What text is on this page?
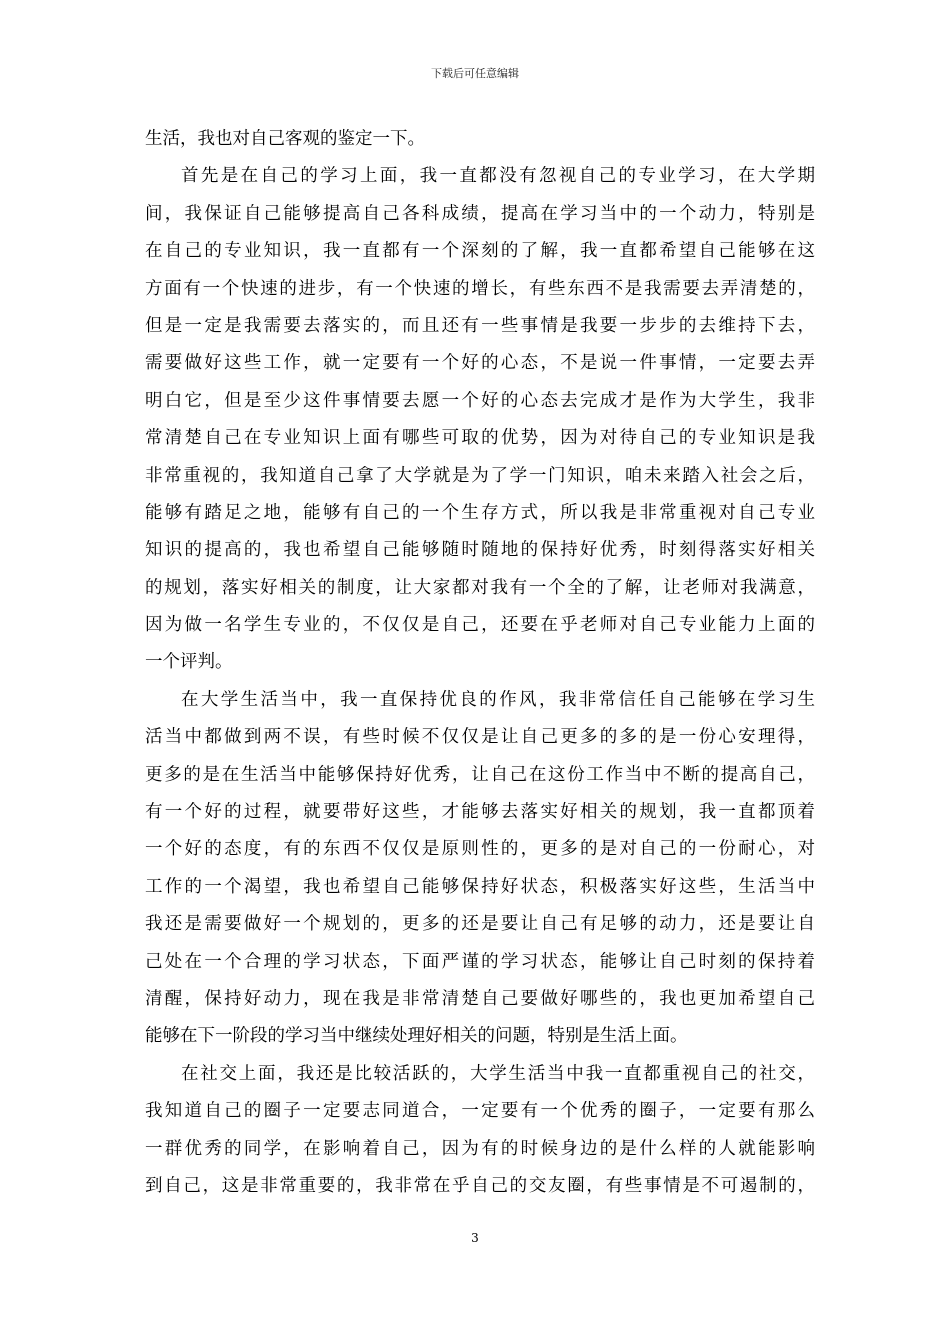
下载后可任意编辑
生活，我也对自己客观的鉴定一下。
首先是在自己的学习上面，我一直都没有忽视自己的专业学习，在大学期
间，我保证自己能够提高自己各科成绩，提高在学习当中的一个动力，特别是
在自己的专业知识，我一直都有一个深刻的了解，我一直都希望自己能够在这
方面有一个快速的进步，有一个快速的增长，有些东西不是我需要去弄清楚的，
但是一定是我需要去落实的，而且还有一些事情是我要一步步的去维持下去，
需要做好这些工作，就一定要有一个好的心态，不是说一件事情，一定要去弄
明白它，但是至少这件事情要去愿一个好的心态去完成才是作为大学生，我非
常清楚自己在专业知识上面有哪些可取的优势，因为对待自己的专业知识是我
非常重视的，我知道自己拿了大学就是为了学一门知识，咱未来踏入社会之后，
能够有踏足之地，能够有自己的一个生存方式，所以我是非常重视对自己专业
知识的提高的，我也希望自己能够随时随地的保持好优秀，时刻得落实好相关
的规划，落实好相关的制度，让大家都对我有一个全的了解，让老师对我满意，
因为做一名学生专业的，不仅仅是自己，还要在乎老师对自己专业能力上面的
一个评判。
在大学生活当中，我一直保持优良的作风，我非常信任自己能够在学习生
活当中都做到两不误，有些时候不仅仅是让自己更多的多的是一份心安理得，
更多的是在生活当中能够保持好优秀，让自己在这份工作当中不断的提高自己，
有一个好的过程，就要带好这些，才能够去落实好相关的规划，我一直都顶着
一个好的态度，有的东西不仅仅是原则性的，更多的是对自己的一份耐心，对
工作的一个渴望，我也希望自己能够保持好状态，积极落实好这些，生活当中
我还是需要做好一个规划的，更多的还是要让自己有足够的动力，还是要让自
己处在一个合理的学习状态，下面严谨的学习状态，能够让自己时刻的保持着
清醒，保持好动力，现在我是非常清楚自己要做好哪些的，我也更加希望自己
能够在下一阶段的学习当中继续处理好相关的问题，特别是生活上面。
在社交上面，我还是比较活跃的，大学生活当中我一直都重视自己的社交，
我知道自己的圈子一定要志同道合，一定要有一个优秀的圈子，一定要有那么
一群优秀的同学，在影响着自己，因为有的时候身边的是什么样的人就能影响
到自己，这是非常重要的，我非常在乎自己的交友圈，有些事情是不可遏制的，
3
